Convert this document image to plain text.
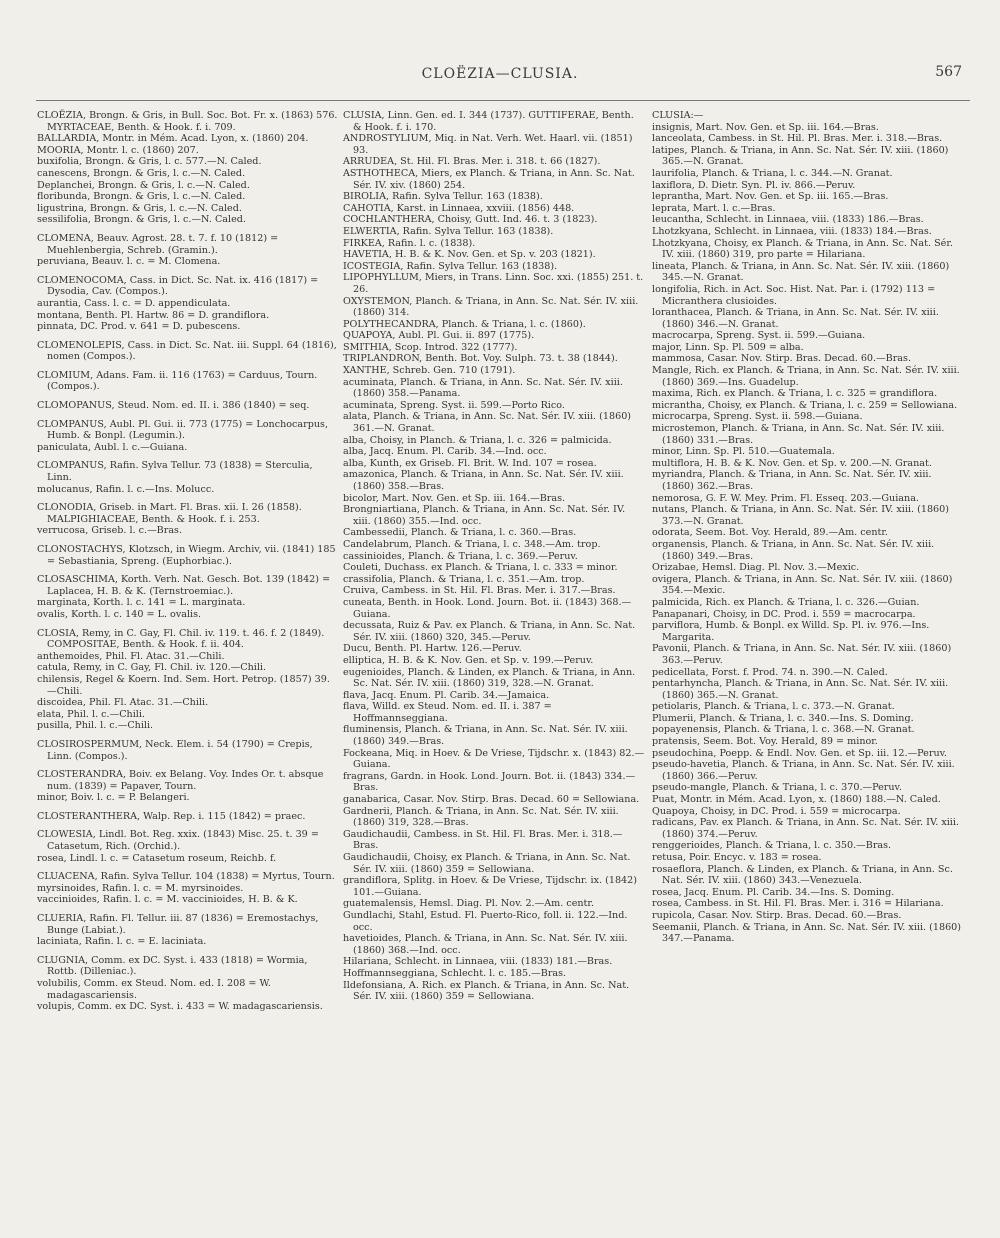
CLOËZIA—CLUSIA.	567
CLOËZIA, Brongn. & Gris, in Bull. Soc. Bot. Fr. x. (1863) 576. MYRTACEAE, Benth. & Hook. f. i. 709.
BALLARDIA, Montr. in Mém. Acad. Lyon, x. (1860) 204.
MOORIA, Montr. l. c. (1860) 207.
buxifolia, Brongn. & Gris, l. c. 577.—N. Caled.
canescens, Brongn. & Gris, l. c.—N. Caled.
Deplanchei, Brongn. & Gris, l. c.—N. Caled.
floribunda, Brongn. & Gris, l. c.—N. Caled.
ligustrina, Brongn. & Gris, l. c.—N. Caled.
sessilifolia, Brongn. & Gris, l. c.—N. Caled.
CLOMENA, Beauv. Agrost. 28. t. 7. f. 10 (1812) = Muehlenbergia, Schreb. (Gramin.).
peruviana, Beauv. l. c. = M. Clomena.
CLOMENOCOMA, Cass. in Dict. Sc. Nat. ix. 416 (1817) = Dysodia, Cav. (Compos.).
aurantia, Cass. l. c. = D. appendiculata.
montana, Benth. Pl. Hartw. 86 = D. grandiflora.
pinnata, DC. Prod. v. 641 = D. pubescens.
CLOMENOLEPIS, Cass. in Dict. Sc. Nat. iii. Suppl. 64 (1816), nomen (Compos.).
CLOMIUM, Adans. Fam. ii. 116 (1763) = Carduus, Tourn. (Compos.).
CLOMOPANUS, Steud. Nom. ed. II. i. 386 (1840) = seq.
CLOMPANUS, Aubl. Pl. Gui. ii. 773 (1775) = Lonchocarpus, Humb. & Bonpl. (Legumin.).
paniculata, Aubl. l. c.—Guiana.
CLOMPANUS, Rafin. Sylva Tellur. 73 (1838) = Sterculia, Linn.
molucanus, Rafin. l. c.—Ins. Molucc.
CLONODIA, Griseb. in Mart. Fl. Bras. xii. I. 26 (1858). MALPIGHIACEAE, Benth. & Hook. f. i. 253.
verrucosa, Griseb. l. c.—Bras.
CLONOSTACHYS, Klotzsch, in Wiegm. Archiv, vii. (1841) 185 = Sebastiania, Spreng. (Euphorbiac.).
CLOSASCHIMA, Korth. Verh. Nat. Gesch. Bot. 139 (1842) = Laplacea, H. B. & K. (Ternstroemiac.).
marginata, Korth. l. c. 141 = L. marginata.
ovalis, Korth. l. c. 140 = L. ovalis.
CLOSIA, Remy, in C. Gay, Fl. Chil. iv. 119. t. 46. f. 2 (1849). COMPOSITAE, Benth. & Hook. f. ii. 404.
anthemoides, Phil. Fl. Atac. 31.—Chili.
catula, Remy, in C. Gay, Fl. Chil. iv. 120.—Chili.
chilensis, Regel & Koern. Ind. Sem. Hort. Petrop. (1857) 39.—Chili.
discoidea, Phil. Fl. Atac. 31.—Chili.
elata, Phil. l. c.—Chili.
pusilla, Phil. l. c.—Chili.
CLOSIROSPERMUM, Neck. Elem. i. 54 (1790) = Crepis, Linn. (Compos.).
CLOSTERANDRA, Boiv. ex Belang. Voy. Indes Or. t. absque num. (1839) = Papaver, Tourn.
minor, Boiv. l. c. = P. Belangeri.
CLOSTERANTHERA, Walp. Rep. i. 115 (1842) = praec.
CLOWESIA, Lindl. Bot. Reg. xxix. (1843) Misc. 25. t. 39 = Catasetum, Rich. (Orchid.).
rosea, Lindl. l. c. = Catasetum roseum, Reichb. f.
CLUACENA, Rafin. Sylva Tellur. 104 (1838) = Myrtus, Tourn.
myrsinoides, Rafin. l. c. = M. myrsinoides.
vaccinioides, Rafin. l. c. = M. vaccinioides, H. B. & K.
CLUERIA, Rafin. Fl. Tellur. iii. 87 (1836) = Eremostachys, Bunge (Labiat.).
laciniata, Rafin. l. c. = E. laciniata.
CLUGNIA, Comm. ex DC. Syst. i. 433 (1818) = Wormia, Rottb. (Dilleniac.).
volubilis, Comm. ex Steud. Nom. ed. I. 208 = W. madagascariensis.
volupis, Comm. ex DC. Syst. i. 433 = W. madagascariensis.
CLUSIA, Linn. Gen. ed. I. 344 (1737). GUTTIFERAE, Benth. & Hook. f. i. 170.
ANDROSTYLIUM, Miq. in Nat. Verh. Wet. Haarl. vii. (1851) 93.
ARRUDEA, St. Hil. Fl. Bras. Mer. i. 318. t. 66 (1827).
ASTHOTHECA, Miers, ex Planch. & Triana, in Ann. Sc. Nat. Sér. IV. xiv. (1860) 254.
BIROLIA, Rafin. Sylva Tellur. 163 (1838).
CAHOTIA, Karst. in Linnaea, xxviii. (1856) 448.
COCHLANTHERA, Choisy, Gutt. Ind. 46. t. 3 (1823).
ELWERTIA, Rafin. Sylva Tellur. 163 (1838).
FIRKEA, Rafin. l. c. (1838).
HAVETIA, H. B. & K. Nov. Gen. et Sp. v. 203 (1821).
ICOSTEGIA, Rafin. Sylva Tellur. 163 (1838).
LIPOPHYLLUM, Miers, in Trans. Linn. Soc. xxi. (1855) 251. t. 26.
OXYSTEMON, Planch. & Triana, in Ann. Sc. Nat. Sér. IV. xiii. (1860) 314.
POLYTHECANDRA, Planch. & Triana, l. c. (1860).
QUAPOYA, Aubl. Pl. Gui. ii. 897 (1775).
SMITHIA, Scop. Introd. 322 (1777).
TRIPLANDRON, Benth. Bot. Voy. Sulph. 73. t. 38 (1844).
XANTHE, Schreb. Gen. 710 (1791).
acuminata, Planch. & Triana, in Ann. Sc. Nat. Sér. IV. xiii. (1860) 358.—Panama.
acuminata, Spreng. Syst. ii. 599.—Porto Rico.
alata, Planch. & Triana, in Ann. Sc. Nat. Sér. IV. xiii. (1860) 361.—N. Granat.
alba, Choisy, in Planch. & Triana, l. c. 326 = palmicida.
alba, Jacq. Enum. Pl. Carib. 34.—Ind. occ.
alba, Kunth, ex Griseb. Fl. Brit. W. Ind. 107 = rosea.
amazonica, Planch. & Triana, in Ann. Sc. Nat. Sér. IV. xiii. (1860) 358.—Bras.
bicolor, Mart. Nov. Gen. et Sp. iii. 164.—Bras.
Brongniartiana, Planch. & Triana, in Ann. Sc. Nat. Sér. IV. xiii. (1860) 355.—Ind. occ.
Cambessedii, Planch. & Triana, l. c. 360.—Bras.
Candelabrum, Planch. & Triana, l. c. 348.—Am. trop.
cassinioides, Planch. & Triana, l. c. 369.—Peruv.
Couleti, Duchass. ex Planch. & Triana, l. c. 333 = minor.
crassifolia, Planch. & Triana, l. c. 351.—Am. trop.
Cruiva, Cambess. in St. Hil. Fl. Bras. Mer. i. 317.—Bras.
cuneata, Benth. in Hook. Lond. Journ. Bot. ii. (1843) 368.—Guiana.
decussata, Ruiz & Pav. ex Planch. & Triana, in Ann. Sc. Nat. Sér. IV. xiii. (1860) 320, 345.—Peruv.
Ducu, Benth. Pl. Hartw. 126.—Peruv.
elliptica, H. B. & K. Nov. Gen. et Sp. v. 199.—Peruv.
eugenioides, Planch. & Linden, ex Planch. & Triana, in Ann. Sc. Nat. Sér. IV. xiii. (1860) 319, 328.—N. Granat.
flava, Jacq. Enum. Pl. Carib. 34.—Jamaica.
flava, Willd. ex Steud. Nom. ed. II. i. 387 = Hoffmannseggiana.
fluminensis, Planch. & Triana, in Ann. Sc. Nat. Sér. IV. xiii. (1860) 349.—Bras.
Fockeana, Miq. in Hoev. & De Vriese, Tijdschr. x. (1843) 82.—Guiana.
fragrans, Gardn. in Hook. Lond. Journ. Bot. ii. (1843) 334.—Bras.
ganabarica, Casar. Nov. Stirp. Bras. Decad. 60 = Sellowiana.
Gardnerii, Planch. & Triana, in Ann. Sc. Nat. Sér. IV. xiii. (1860) 319, 328.—Bras.
Gaudichaudii, Cambess. in St. Hil. Fl. Bras. Mer. i. 318.—Bras.
Gaudichaudii, Choisy, ex Planch. & Triana, in Ann. Sc. Nat. Sér. IV. xiii. (1860) 359 = Sellowiana.
grandiflora, Splitg. in Hoev. & De Vriese, Tijdschr. ix. (1842) 101.—Guiana.
guatemalensis, Hemsl. Diag. Pl. Nov. 2.—Am. centr.
Gundlachi, Stahl, Estud. Fl. Puerto-Rico, foll. ii. 122.—Ind. occ.
havetioides, Planch. & Triana, in Ann. Sc. Nat. Sér. IV. xiii. (1860) 368.—Ind. occ.
Hilariana, Schlecht. in Linnaea, viii. (1833) 181.—Bras.
Hoffmannseggiana, Schlecht. l. c. 185.—Bras.
Ildefonsiana, A. Rich. ex Planch. & Triana, in Ann. Sc. Nat. Sér. IV. xiii. (1860) 359 = Sellowiana.
CLUSIA:—
insignis, Mart. Nov. Gen. et Sp. iii. 164.—Bras.
lanceolata, Cambess. in St. Hil. Pl. Bras. Mer. i. 318.—Bras.
latipes, Planch. & Triana, in Ann. Sc. Nat. Sér. IV. xiii. (1860) 365.—N. Granat.
laurifolia, Planch. & Triana, l. c. 344.—N. Granat.
laxiflora, D. Dietr. Syn. Pl. iv. 866.—Peruv.
leprantha, Mart. Nov. Gen. et Sp. iii. 165.—Bras.
leprata, Mart. l. c.—Bras.
leucantha, Schlecht. in Linnaea, viii. (1833) 186.—Bras.
Lhotzkyana, Schlecht. in Linnaea, viii. (1833) 184.—Bras.
Lhotzkyana, Choisy, ex Planch. & Triana, in Ann. Sc. Nat. Sér. IV. xiii. (1860) 319, pro parte = Hilariana.
lineata, Planch. & Triana, in Ann. Sc. Nat. Sér. IV. xiii. (1860) 345.—N. Granat.
longifolia, Rich. in Act. Soc. Hist. Nat. Par. i. (1792) 113 = Micranthera clusioides.
loranthacea, Planch. & Triana, in Ann. Sc. Nat. Sér. IV. xiii. (1860) 346.—N. Granat.
macrocarpa, Spreng. Syst. ii. 599.—Guiana.
major, Linn. Sp. Pl. 509 = alba.
mammosa, Casar. Nov. Stirp. Bras. Decad. 60.—Bras.
Mangle, Rich. ex Planch. & Triana, in Ann. Sc. Nat. Sér. IV. xiii. (1860) 369.—Ins. Guadelup.
maxima, Rich. ex Planch. & Triana, l. c. 325 = grandiflora.
micrantha, Choisy, ex Planch. & Triana, l. c. 259 = Sellowiana.
microcarpa, Spreng. Syst. ii. 598.—Guiana.
microstemon, Planch. & Triana, in Ann. Sc. Nat. Sér. IV. xiii. (1860) 331.—Bras.
minor, Linn. Sp. Pl. 510.—Guatemala.
multiflora, H. B. & K. Nov. Gen. et Sp. v. 200.—N. Granat.
myriandra, Planch. & Triana, in Ann. Sc. Nat. Sér. IV. xiii. (1860) 362.—Bras.
nemorosa, G. F. W. Mey. Prim. Fl. Esseq. 203.—Guiana.
nutans, Planch. & Triana, in Ann. Sc. Nat. Sér. IV. xiii. (1860) 373.—N. Granat.
odorata, Seem. Bot. Voy. Herald, 89.—Am. centr.
organensis, Planch. & Triana, in Ann. Sc. Nat. Sér. IV. xiii. (1860) 349.—Bras.
Orizabae, Hemsl. Diag. Pl. Nov. 3.—Mexic.
ovigera, Planch. & Triana, in Ann. Sc. Nat. Sér. IV. xiii. (1860) 354.—Mexic.
palmicida, Rich. ex Planch. & Triana, l. c. 326.—Guian.
Panapanari, Choisy, in DC. Prod. i. 559 = macrocarpa.
parviflora, Humb. & Bonpl. ex Willd. Sp. Pl. iv. 976.—Ins. Margarita.
Pavonii, Planch. & Triana, in Ann. Sc. Nat. Sér. IV. xiii. (1860) 363.—Peruv.
pedicellata, Forst. f. Prod. 74. n. 390.—N. Caled.
pentarhyncha, Planch. & Triana, in Ann. Sc. Nat. Sér. IV. xiii. (1860) 365.—N. Granat.
petiolaris, Planch. & Triana, l. c. 373.—N. Granat.
Plumerii, Planch. & Triana, l. c. 340.—Ins. S. Doming.
popayenensis, Planch. & Triana, l. c. 368.—N. Granat.
pratensis, Seem. Bot. Voy. Herald, 89 = minor.
pseudochina, Poepp. & Endl. Nov. Gen. et Sp. iii. 12.—Peruv.
pseudo-havetia, Planch. & Triana, in Ann. Sc. Nat. Sér. IV. xiii. (1860) 366.—Peruv.
pseudo-mangle, Planch. & Triana, l. c. 370.—Peruv.
Puat, Montr. in Mém. Acad. Lyon, x. (1860) 188.—N. Caled.
Quapoya, Choisy, in DC. Prod. i. 559 = microcarpa.
radicans, Pav. ex Planch. & Triana, in Ann. Sc. Nat. Sér. IV. xiii. (1860) 374.—Peruv.
renggerioides, Planch. & Triana, l. c. 350.—Bras.
retusa, Poir. Encyc. v. 183 = rosea.
rosaeflora, Planch. & Linden, ex Planch. & Triana, in Ann. Sc. Nat. Sér. IV. xiii. (1860) 343.—Venezuela.
rosea, Jacq. Enum. Pl. Carib. 34.—Ins. S. Doming.
rosea, Cambess. in St. Hil. Fl. Bras. Mer. i. 316 = Hilariana.
rupicola, Casar. Nov. Stirp. Bras. Decad. 60.—Bras.
Seemanii, Planch. & Triana, in Ann. Sc. Nat. Sér. IV. xiii. (1860) 347.—Panama.
